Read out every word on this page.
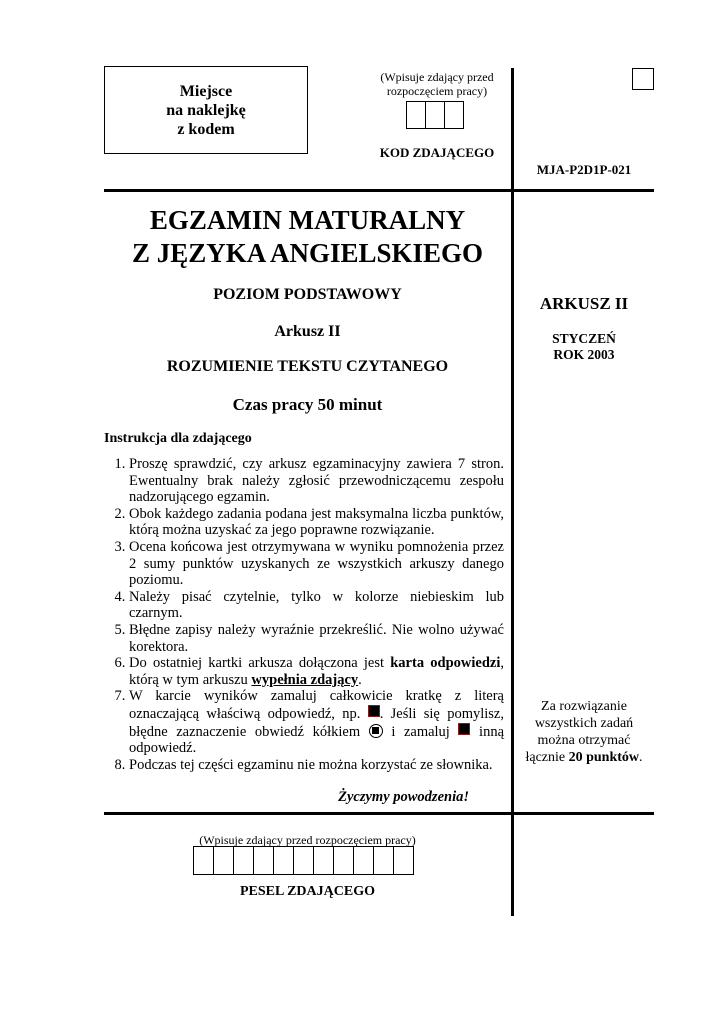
Miejsce
na naklejkę
z kodem
(Wpisuje zdający przed
rozpoczęciem pracy)
KOD ZDAJĄCEGO
MJA-P2D1P-021
EGZAMIN MATURALNY
Z JĘZYKA ANGIELSKIEGO
POZIOM PODSTAWOWY
Arkusz II
ROZUMIENIE TEKSTU CZYTANEGO
Czas pracy 50 minut
ARKUSZ II
STYCZEŃ
ROK 2003
Za rozwiązanie
wszystkich zadań
można otrzymać
łącznie 20 punktów.
Instrukcja dla zdającego
1. Proszę sprawdzić, czy arkusz egzaminacyjny zawiera 7 stron. Ewentualny brak należy zgłosić przewodniczącemu zespołu nadzorującego egzamin.
2. Obok każdego zadania podana jest maksymalna liczba punktów, którą można uzyskać za jego poprawne rozwiązanie.
3. Ocena końcowa jest otrzymywana w wyniku pomnożenia przez 2 sumy punktów uzyskanych ze wszystkich arkuszy danego poziomu.
4. Należy pisać czytelnie, tylko w kolorze niebieskim lub czarnym.
5. Błędne zapisy należy wyraźnie przekreślić. Nie wolno używać korektora.
6. Do ostatniej kartki arkusza dołączona jest karta odpowiedzi, którą w tym arkuszu wypełnia zdający.
7. W karcie wyników zamaluj całkowicie kratkę z literą oznaczającą właściwą odpowiedź, np. . Jeśli się pomylisz, błędne zaznaczenie obwiedź kółkiem  i zamaluj  inną odpowiedź.
8. Podczas tej części egzaminu nie można korzystać ze słownika.
Życzymy powodzenia!
(Wpisuje zdający przed rozpoczęciem pracy)
PESEL ZDAJĄCEGO
